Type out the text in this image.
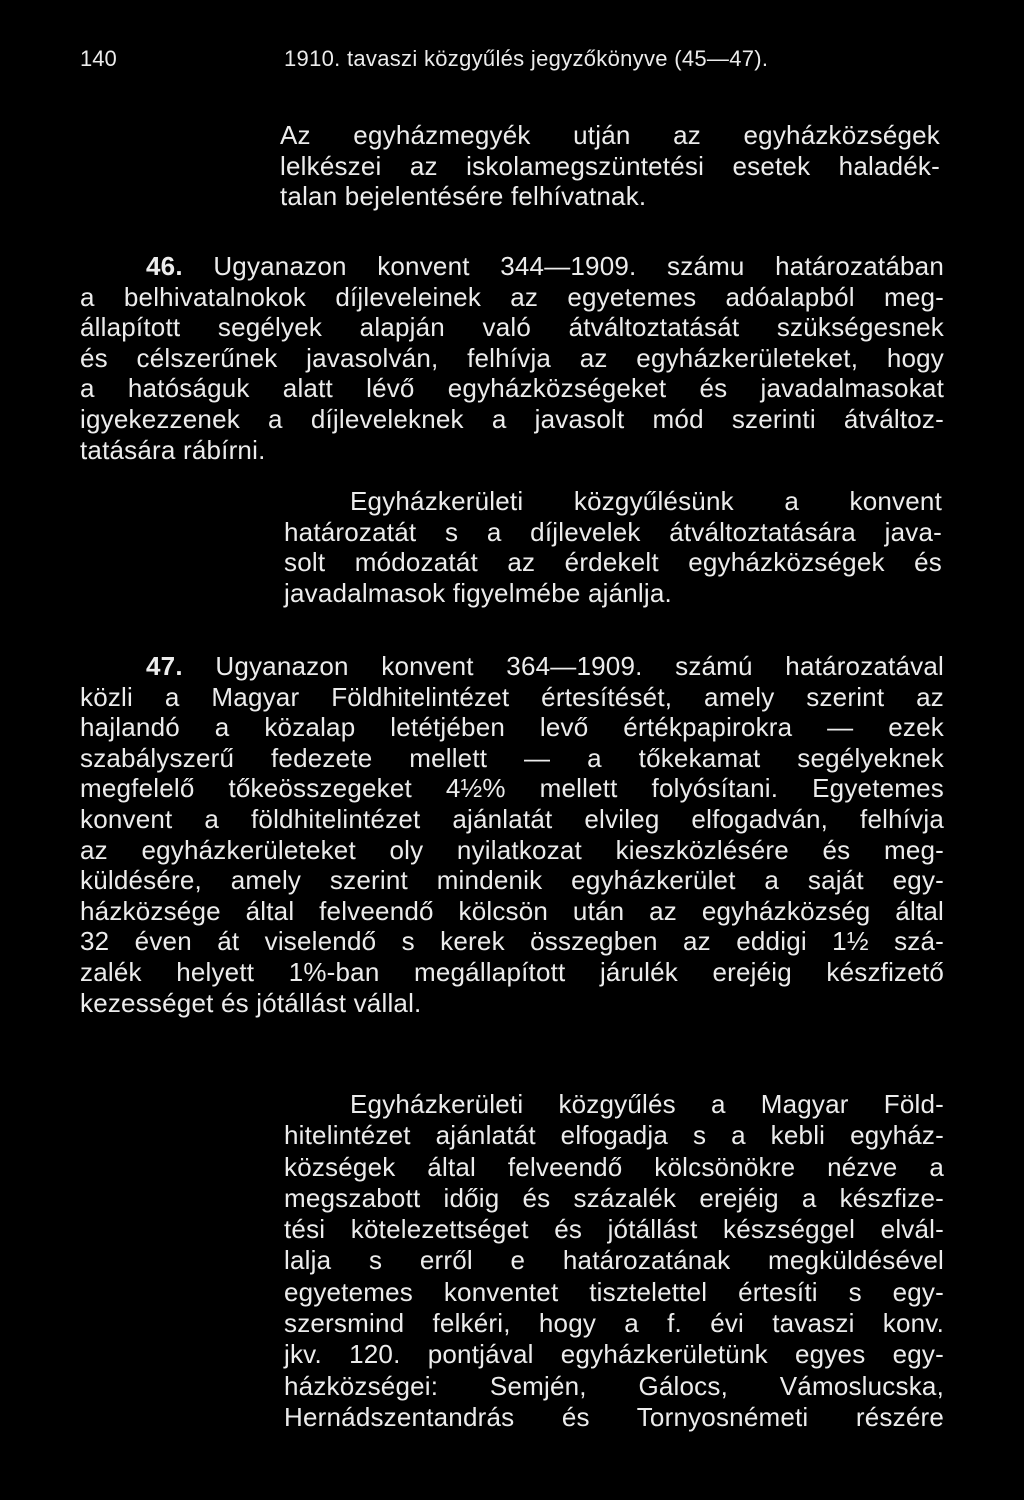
140	1910. tavaszi közgyűlés jegyzőkönyve (45—47).
Az egyházmegyék utján az egyházközségek
lelkészei az iskolamegszüntetési esetek haladék-
talan bejelentésére felhívatnak.
46. Ugyanazon konvent 344—1909. számu határozatában
a belhivatalnokok díjleveleinek az egyetemes adóalapból meg-
állapított segélyek alapján való átváltoztatását szükségesnek
és célszerűnek javasolván, felhívja az egyházkerületeket, hogy
a hatóságuk alatt lévő egyházközségeket és javadalmasokat
igyekezzenek a díjleveleknek a javasolt mód szerinti átváltoz-
tatására rábírni.
Egyházkerületi közgyűlésünk a konvent
határozatát s a díjlevelek átváltoztatására java-
solt módozatát az érdekelt egyházközségek és
javadalmasok figyelmébe ajánlja.
47. Ugyanazon konvent 364—1909. számú határozatával
közli a Magyar Földhitelintézet értesítését, amely szerint az
hajlandó a közalap letétjében levő értékpapirokra — ezek
szabályszerű fedezete mellett — a tőkekamat segélyeknek
megfelelő tőkeösszegeket 4½% mellett folyósítani. Egyetemes
konvent a földhitelintézet ajánlatát elvileg elfogadván, felhívja
az egyházkerületeket oly nyilatkozat kieszközlésére és meg-
küldésére, amely szerint mindenik egyházkerület a saját egy-
házközsége által felveendő kölcsön után az egyházközség által
32 éven át viselendő s kerek összegben az eddigi 1½ szá-
zalék helyett 1%-ban megállapított járulék erejéig készfizető
kezességet és jótállást vállal.
Egyházkerületi közgyűlés a Magyar Föld-
hitelintézet ajánlatát elfogadja s a kebli egyház-
községek által felveendő kölcsönökre nézve a
megszabott időig és százalék erejéig a készfize-
tési kötelezettséget és jótállást készséggel elvál-
lalja s erről e határozatának megküldésével
egyetemes konventet tisztelettel értesíti s egy-
szersmind felkéri, hogy a f. évi tavaszi konv.
jkv. 120. pontjával egyházkerületünk egyes egy-
házközségei: Semjén, Gálocs, Vámoslucska,
Hernádszentandrás és Tornyosnémeti részére
